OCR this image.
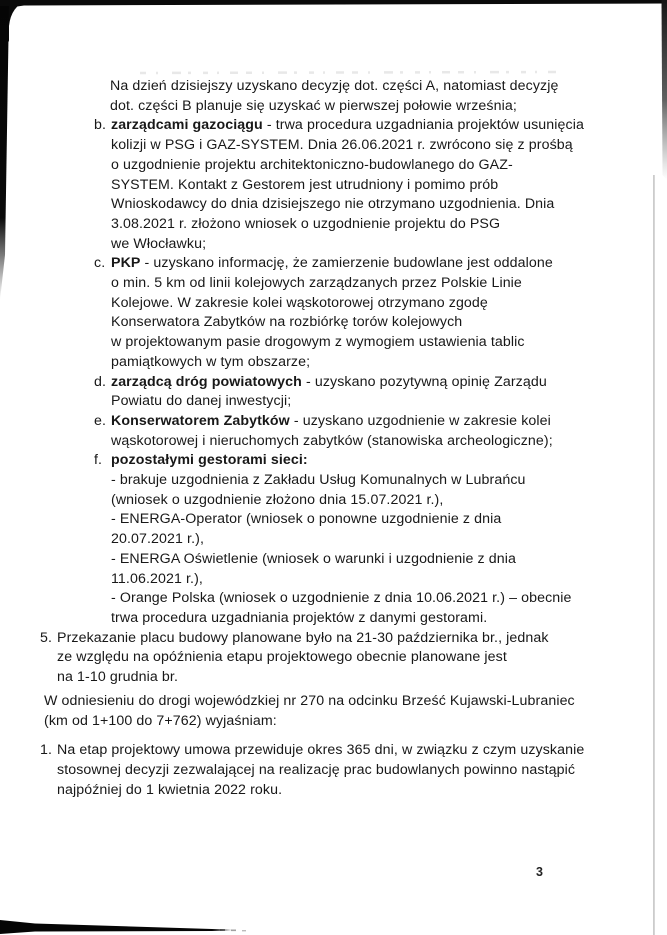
Na dzień dzisiejszy uzyskano decyzję dot. części A, natomiast decyzję
dot. części B planuje się uzyskać w pierwszej połowie września;
b. zarządcami gazociągu - trwa procedura uzgadniania projektów usunięcia
kolizji w PSG i GAZ-SYSTEM. Dnia 26.06.2021 r. zwrócono się z prośbą
o uzgodnienie projektu architektoniczno-budowlanego do GAZ-
SYSTEM. Kontakt z Gestorem jest utrudniony i pomimo prób
Wnioskodawcy do dnia dzisiejszego nie otrzymano uzgodnienia. Dnia
3.08.2021 r. złożono wniosek o uzgodnienie projektu do PSG
we Włocławku;
c. PKP - uzyskano informację, że zamierzenie budowlane jest oddalone
o min. 5 km od linii kolejowych zarządzanych przez Polskie Linie
Kolejowe. W zakresie kolei wąskotorowej otrzymano zgodę
Konserwatora Zabytków na rozbiórkę torów kolejowych
w projektowanym pasie drogowym z wymogiem ustawienia tablic
pamiątkowych w tym obszarze;
d. zarządcą dróg powiatowych - uzyskano pozytywną opinię Zarządu
Powiatu do danej inwestycji;
e. Konserwatorem Zabytków - uzyskano uzgodnienie w zakresie kolei
wąskotorowej i nieruchomych zabytków (stanowiska archeologiczne);
f. pozostałymi gestorami sieci:
- brakuje uzgodnienia z Zakładu Usług Komunalnych w Lubrańcu
(wniosek o uzgodnienie złożono dnia 15.07.2021 r.),
- ENERGA-Operator (wniosek o ponowne uzgodnienie z dnia
20.07.2021 r.),
- ENERGA Oświetlenie (wniosek o warunki i uzgodnienie z dnia
11.06.2021 r.),
- Orange Polska (wniosek o uzgodnienie z dnia 10.06.2021 r.) – obecnie
trwa procedura uzgadniania projektów z danymi gestorami.
5. Przekazanie placu budowy planowane było na 21-30 października br., jednak
ze względu na opóźnienia etapu projektowego obecnie planowane jest
na 1-10 grudnia br.
W odniesieniu do drogi wojewódzkiej nr 270 na odcinku Brześć Kujawski-Lubraniec
(km od 1+100 do 7+762) wyjaśniam:
1. Na etap projektowy umowa przewiduje okres 365 dni, w związku z czym uzyskanie
stosownej decyzji zezwalającej na realizację prac budowlanych powinno nastąpić
najpóźniej do 1 kwietnia 2022 roku.
3
